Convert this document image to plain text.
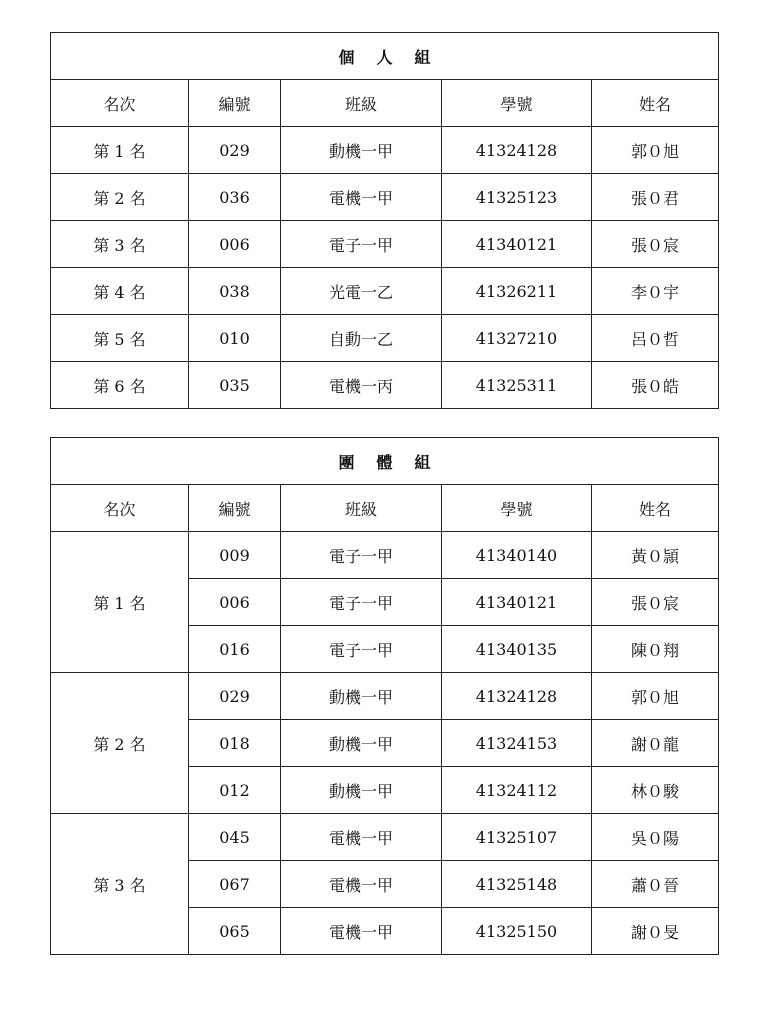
個人組				
名次	編號	班級	學號	姓名
第 1 名	029	動機一甲	41324128	郭０旭
第 2 名	036	電機一甲	41325123	張０君
第 3 名	006	電子一甲	41340121	張０宸
第 4 名	038	光電一乙	41326211	李０宇
第 5 名	010	自動一乙	41327210	呂０哲
第 6 名	035	電機一丙	41325311	張０皓
團體組				
名次	編號	班級	學號	姓名
第 1 名	009	電子一甲	41340140	黃０頴
	006	電子一甲	41340121	張０宸
	016	電子一甲	41340135	陳０翔
第 2 名	029	動機一甲	41324128	郭０旭
	018	動機一甲	41324153	謝０龍
	012	動機一甲	41324112	林０駿
第 3 名	045	電機一甲	41325107	吳０陽
	067	電機一甲	41325148	蕭０晉
	065	電機一甲	41325150	謝０旻
